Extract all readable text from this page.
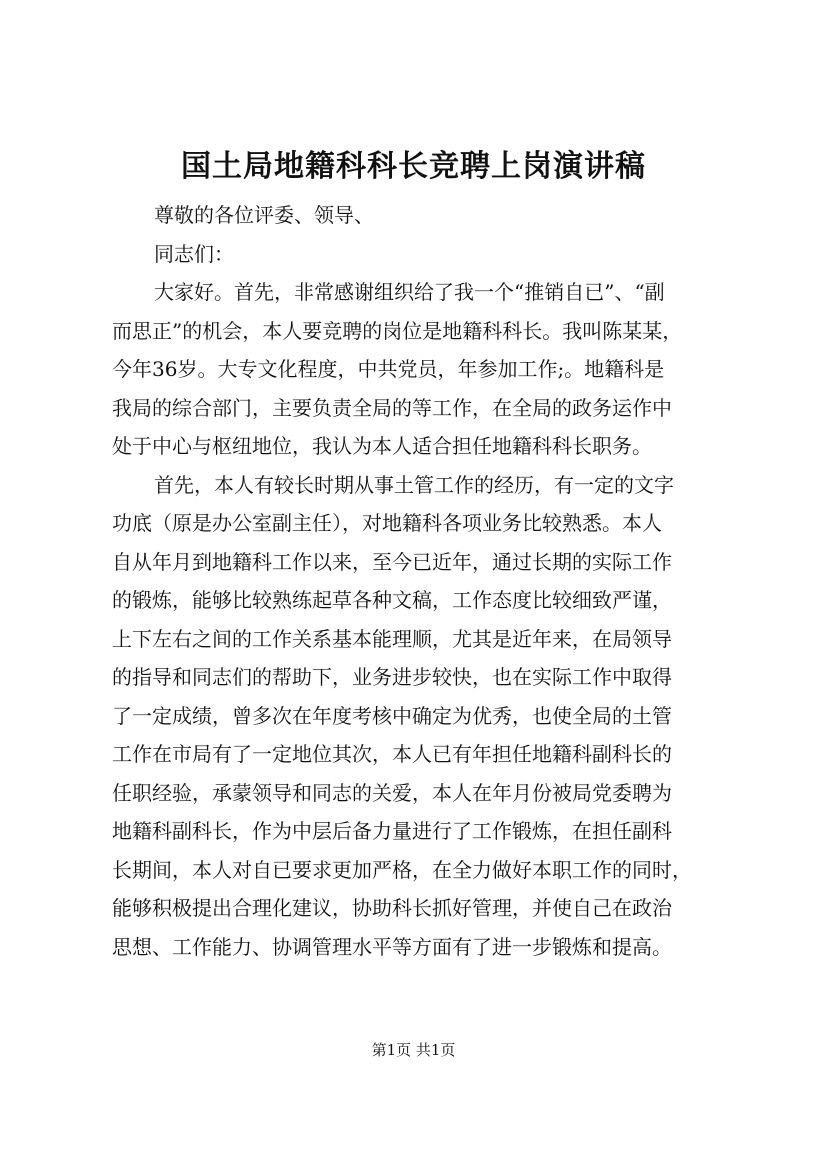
国土局地籍科科长竞聘上岗演讲稿
尊敬的各位评委、领导、
同志们：
大家好。首先，非常感谢组织给了我一个“推销自已”、“副
而思正”的机会，本人要竞聘的岗位是地籍科科长。我叫陈某某，
今年36岁。大专文化程度，中共党员，年参加工作;。地籍科是
我局的综合部门，主要负责全局的等工作，在全局的政务运作中
处于中心与枢纽地位，我认为本人适合担任地籍科科长职务。
首先，本人有较长时期从事土管工作的经历，有一定的文字
功底（原是办公室副主任），对地籍科各项业务比较熟悉。本人
自从年月到地籍科工作以来，至今已近年，通过长期的实际工作
的锻炼，能够比较熟练起草各种文稿，工作态度比较细致严谨，
上下左右之间的工作关系基本能理顺，尤其是近年来，在局领导
的指导和同志们的帮助下，业务进步较快，也在实际工作中取得
了一定成绩，曾多次在年度考核中确定为优秀，也使全局的土管
工作在市局有了一定地位其次，本人已有年担任地籍科副科长的
任职经验，承蒙领导和同志的关爱，本人在年月份被局党委聘为
地籍科副科长，作为中层后备力量进行了工作锻炼，在担任副科
长期间，本人对自已要求更加严格，在全力做好本职工作的同时，
能够积极提出合理化建议，协助科长抓好管理，并使自己在政治
思想、工作能力、协调管理水平等方面有了进一步锻炼和提高。
第1页 共1页
